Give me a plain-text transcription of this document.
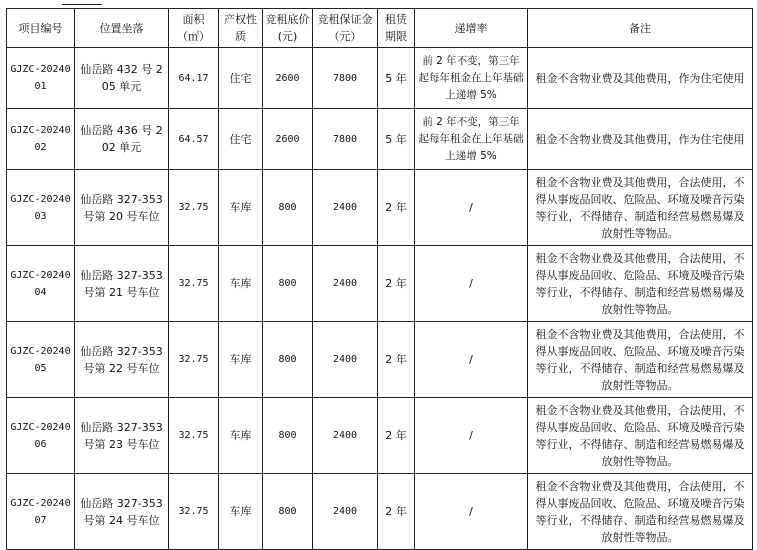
项目编号	位置坐落	面积（㎡）	产权性质	竞租底价(元)	竞租保证金（元）	租赁期限	递增率	备注
GJZC-2024001	仙岳路 432 号 205 单元	64.17	住宅	2600	7800	5 年	前 2 年不变，第三年起每年租金在上年基础上递增 5%	租金不含物业费及其他费用，作为住宅使用
GJZC-2024002	仙岳路 436 号 202 单元	64.57	住宅	2600	7800	5 年	前 2 年不变，第三年起每年租金在上年基础上递增 5%	租金不含物业费及其他费用，作为住宅使用
GJZC-2024003	仙岳路 327-353 号第 20 号车位	32.75	车库	800	2400	2 年	/	租金不含物业费及其他费用，合法使用，不得从事废品回收、危险品、环境及噪音污染等行业，不得储存、制造和经营易燃易爆及放射性等物品。
GJZC-2024004	仙岳路 327-353 号第 21 号车位	32.75	车库	800	2400	2 年	/	租金不含物业费及其他费用，合法使用，不得从事废品回收、危险品、环境及噪音污染等行业，不得储存、制造和经营易燃易爆及放射性等物品。
GJZC-2024005	仙岳路 327-353 号第 22 号车位	32.75	车库	800	2400	2 年	/	租金不含物业费及其他费用，合法使用，不得从事废品回收、危险品、环境及噪音污染等行业，不得储存、制造和经营易燃易爆及放射性等物品。
GJZC-2024006	仙岳路 327-353 号第 23 号车位	32.75	车库	800	2400	2 年	/	租金不含物业费及其他费用，合法使用，不得从事废品回收、危险品、环境及噪音污染等行业，不得储存、制造和经营易燃易爆及放射性等物品。
GJZC-2024007	仙岳路 327-353 号第 24 号车位	32.75	车库	800	2400	2 年	/	租金不含物业费及其他费用，合法使用，不得从事废品回收、危险品、环境及噪音污染等行业，不得储存、制造和经营易燃易爆及放射性等物品。
